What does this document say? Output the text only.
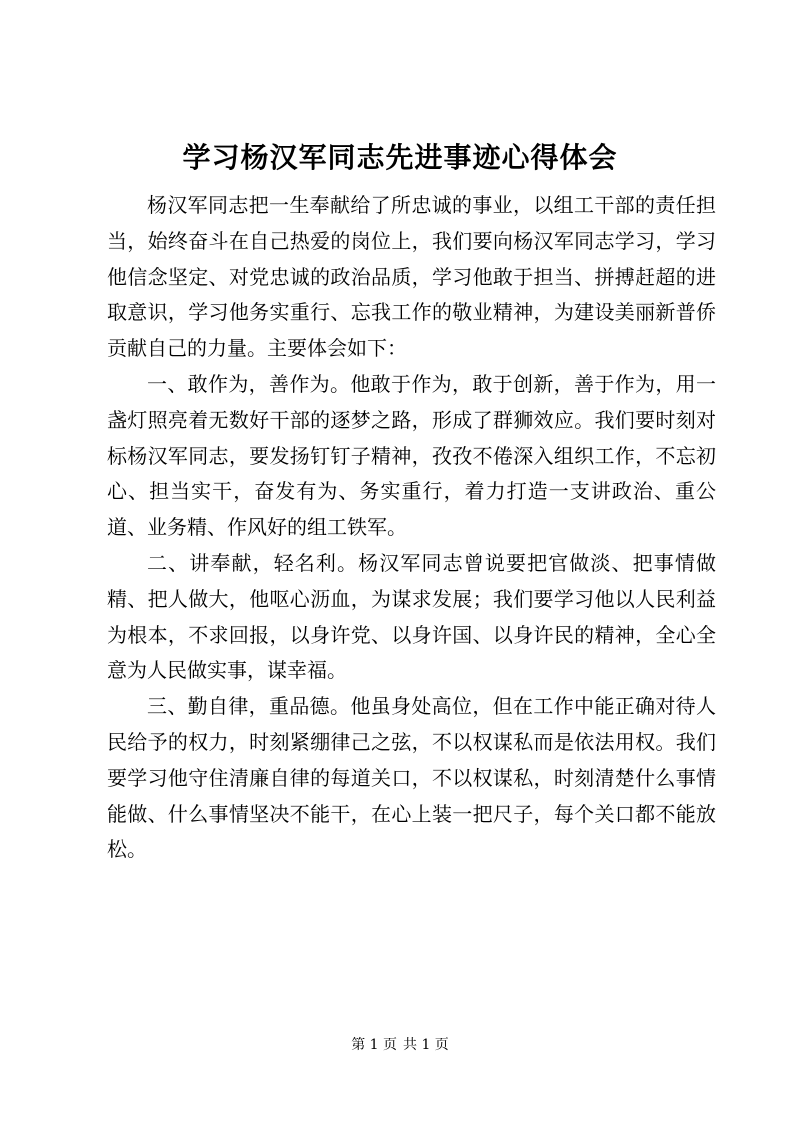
学习杨汉军同志先进事迹心得体会

杨汉军同志把一生奉献给了所忠诚的事业，以组工干部的责任担当，始终奋斗在自己热爱的岗位上，我们要向杨汉军同志学习，学习他信念坚定、对党忠诚的政治品质，学习他敢于担当、拼搏赶超的进取意识，学习他务实重行、忘我工作的敬业精神，为建设美丽新普侨贡献自己的力量。主要体会如下：

一、敢作为，善作为。他敢于作为，敢于创新，善于作为，用一盏灯照亮着无数好干部的逐梦之路，形成了群狮效应。我们要时刻对标杨汉军同志，要发扬钉钉子精神，孜孜不倦深入组织工作，不忘初心、担当实干，奋发有为、务实重行，着力打造一支讲政治、重公道、业务精、作风好的组工铁军。

二、讲奉献，轻名利。杨汉军同志曾说要把官做淡、把事情做精、把人做大，他呕心沥血，为谋求发展；我们要学习他以人民利益为根本，不求回报，以身许党、以身许国、以身许民的精神，全心全意为人民做实事，谋幸福。

三、勤自律，重品德。他虽身处高位，但在工作中能正确对待人民给予的权力，时刻紧绷律己之弦，不以权谋私而是依法用权。我们要学习他守住清廉自律的每道关口，不以权谋私，时刻清楚什么事情能做、什么事情坚决不能干，在心上装一把尺子，每个关口都不能放松。

第 1 页 共 1 页
